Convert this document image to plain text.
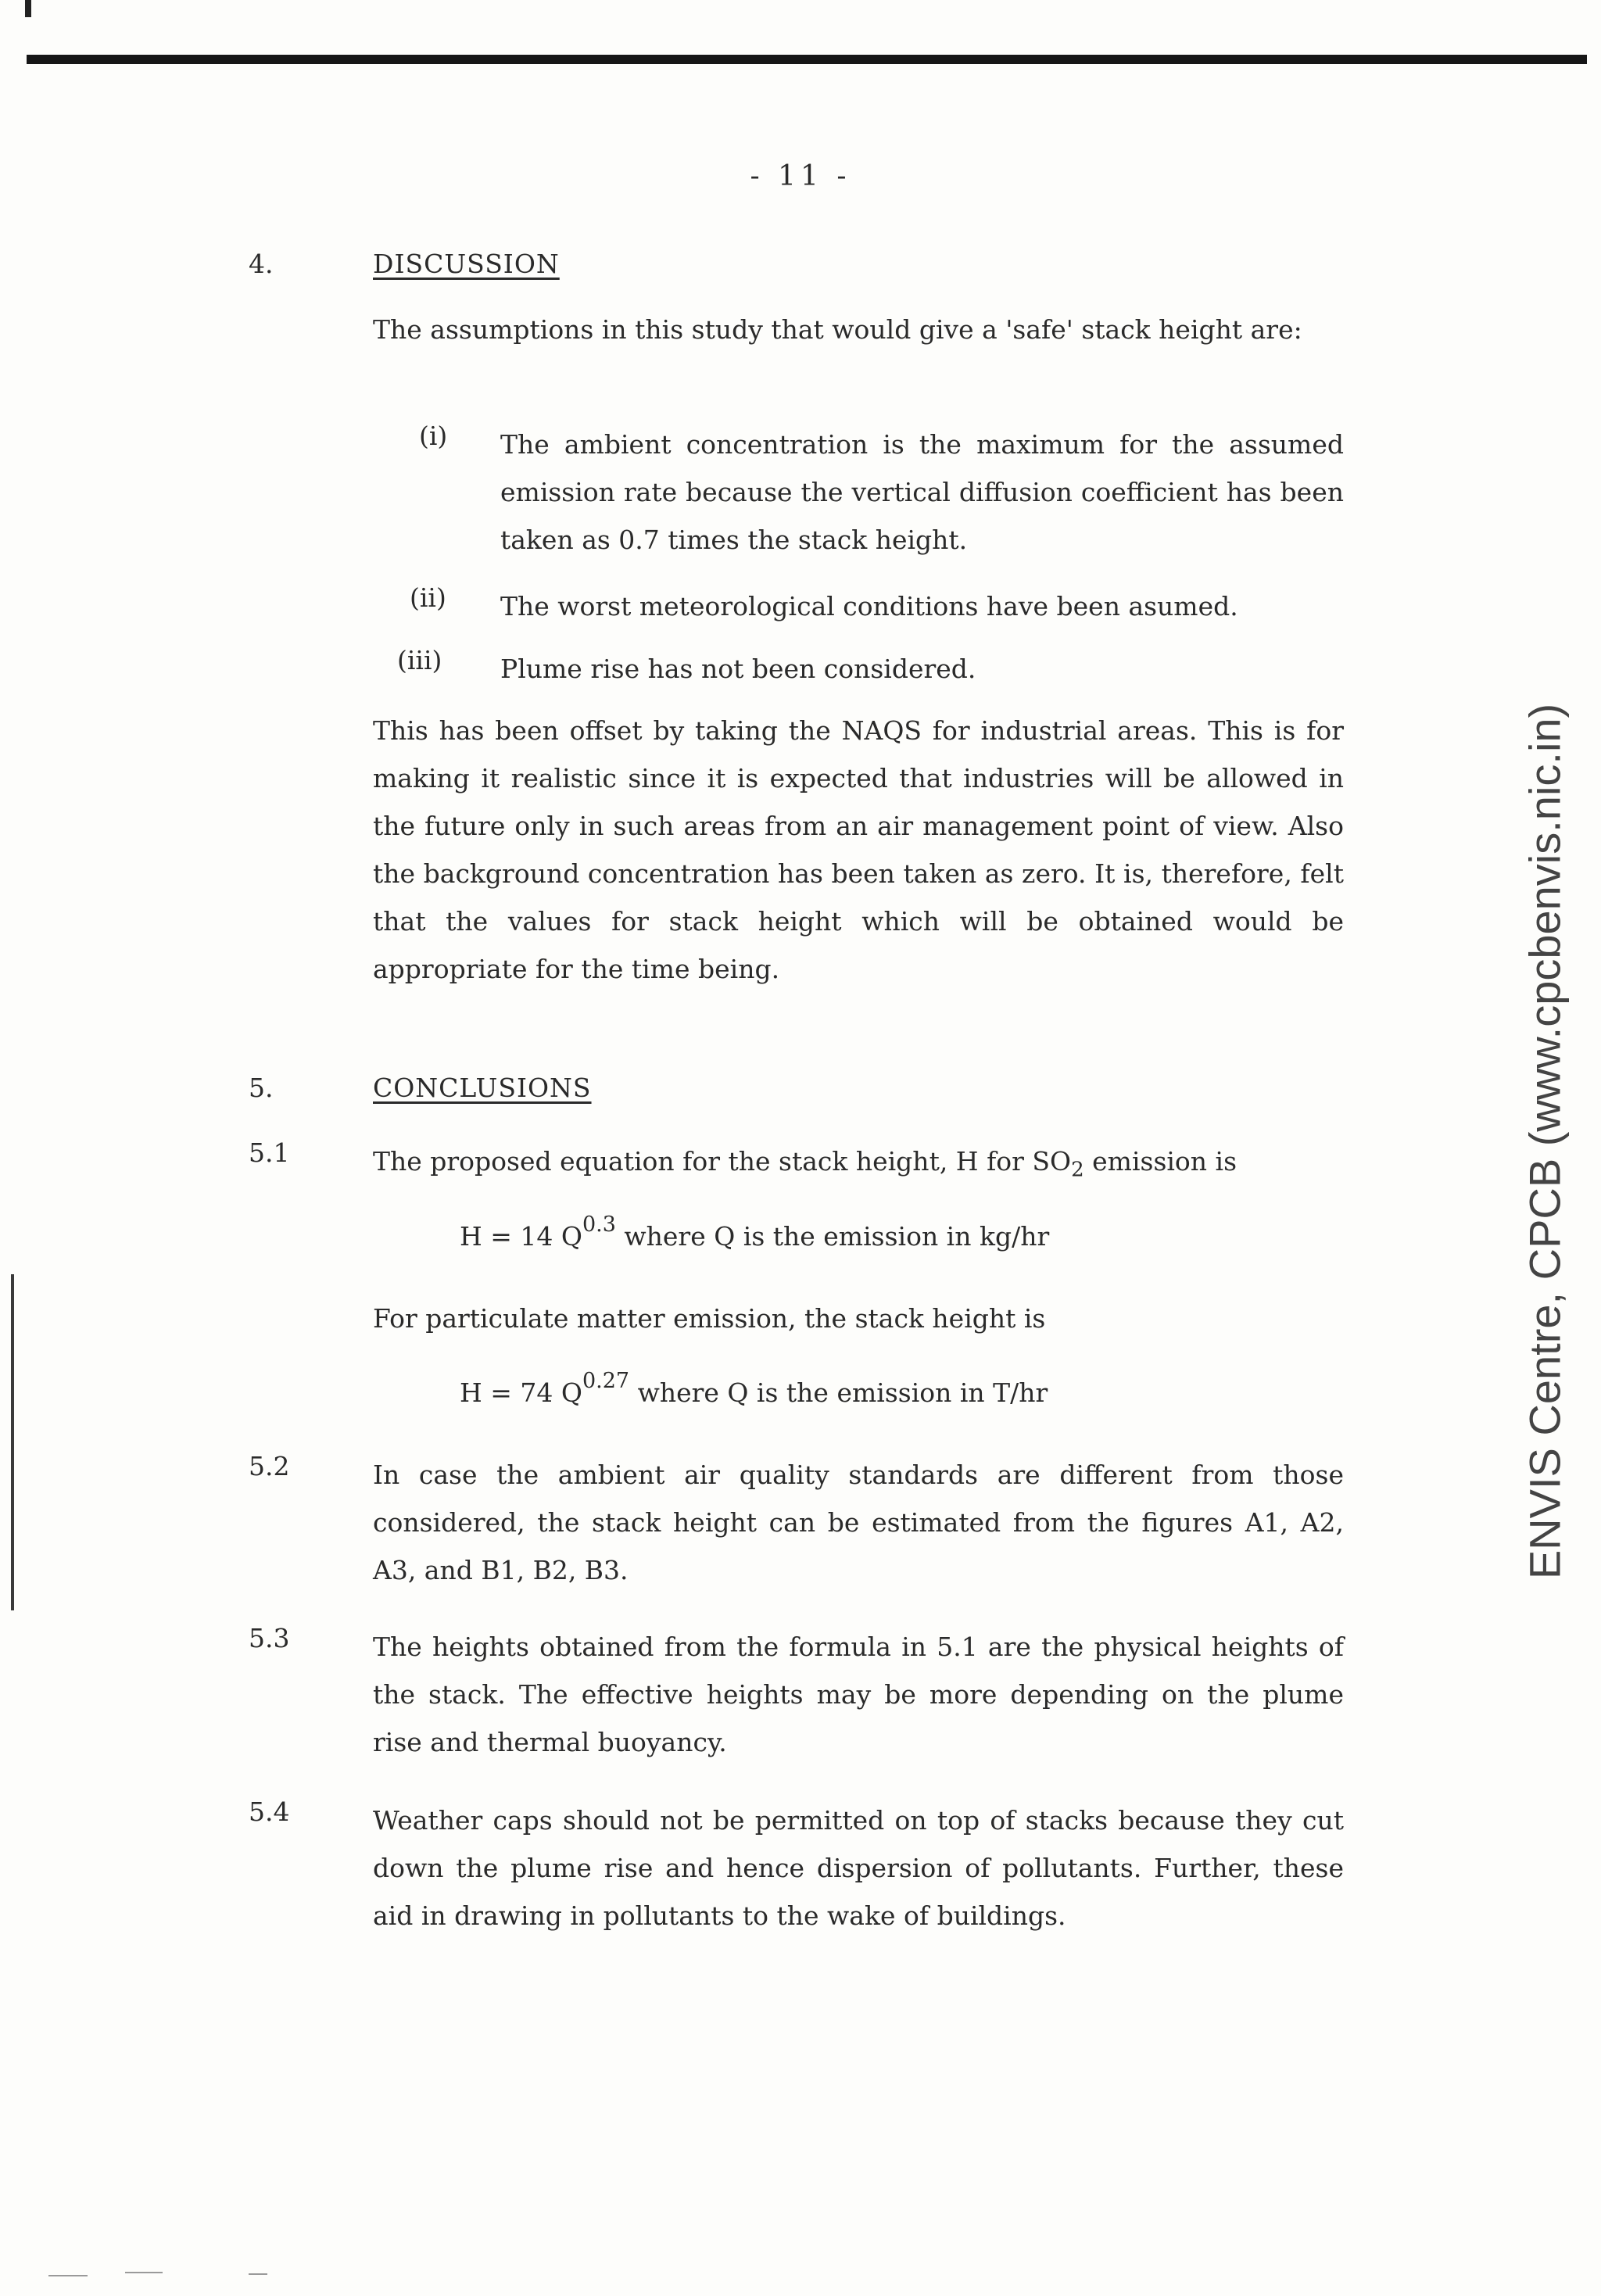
- 11 -
4.	DISCUSSION

The assumptions in this study that would give a 'safe' stack height are:

(i) The ambient concentration is the maximum for the assumed emission rate because the vertical diffusion coefficient has been taken as 0.7 times the stack height.

(ii) The worst meteorological conditions have been asumed.

(iii) Plume rise has not been considered.

This has been offset by taking the NAQS for industrial areas. This is for making it realistic since it is expected that industries will be allowed in the future only in such areas from an air management point of view. Also the background concentration has been taken as zero. It is, therefore, felt that the values for stack height which will be obtained would be appropriate for the time being.

5.	CONCLUSIONS
5.1	The proposed equation for the stack height, H for $SO_2$ emission is

H = 14 $Q^{0.3}$ where Q is the emission in kg/hr

For particulate matter emission, the stack height is

H = 74 $Q^{0.27}$ where Q is the emission in T/hr
5.2	In case the ambient air quality standards are different from those considered, the stack height can be estimated from the figures A1, A2, A3, and B1, B2, B3.

5.3	The heights obtained from the formula in 5.1 are the physical heights of the stack. The effective heights may be more depending on the plume rise and thermal buoyancy.

5.4	Weather caps should not be permitted on top of stacks because they cut down the plume rise and hence dispersion of pollutants. Further, these aid in drawing in pollutants to the wake of buildings.

ENVIS Centre, CPCB (www.cpcbenvis.nic.in)
